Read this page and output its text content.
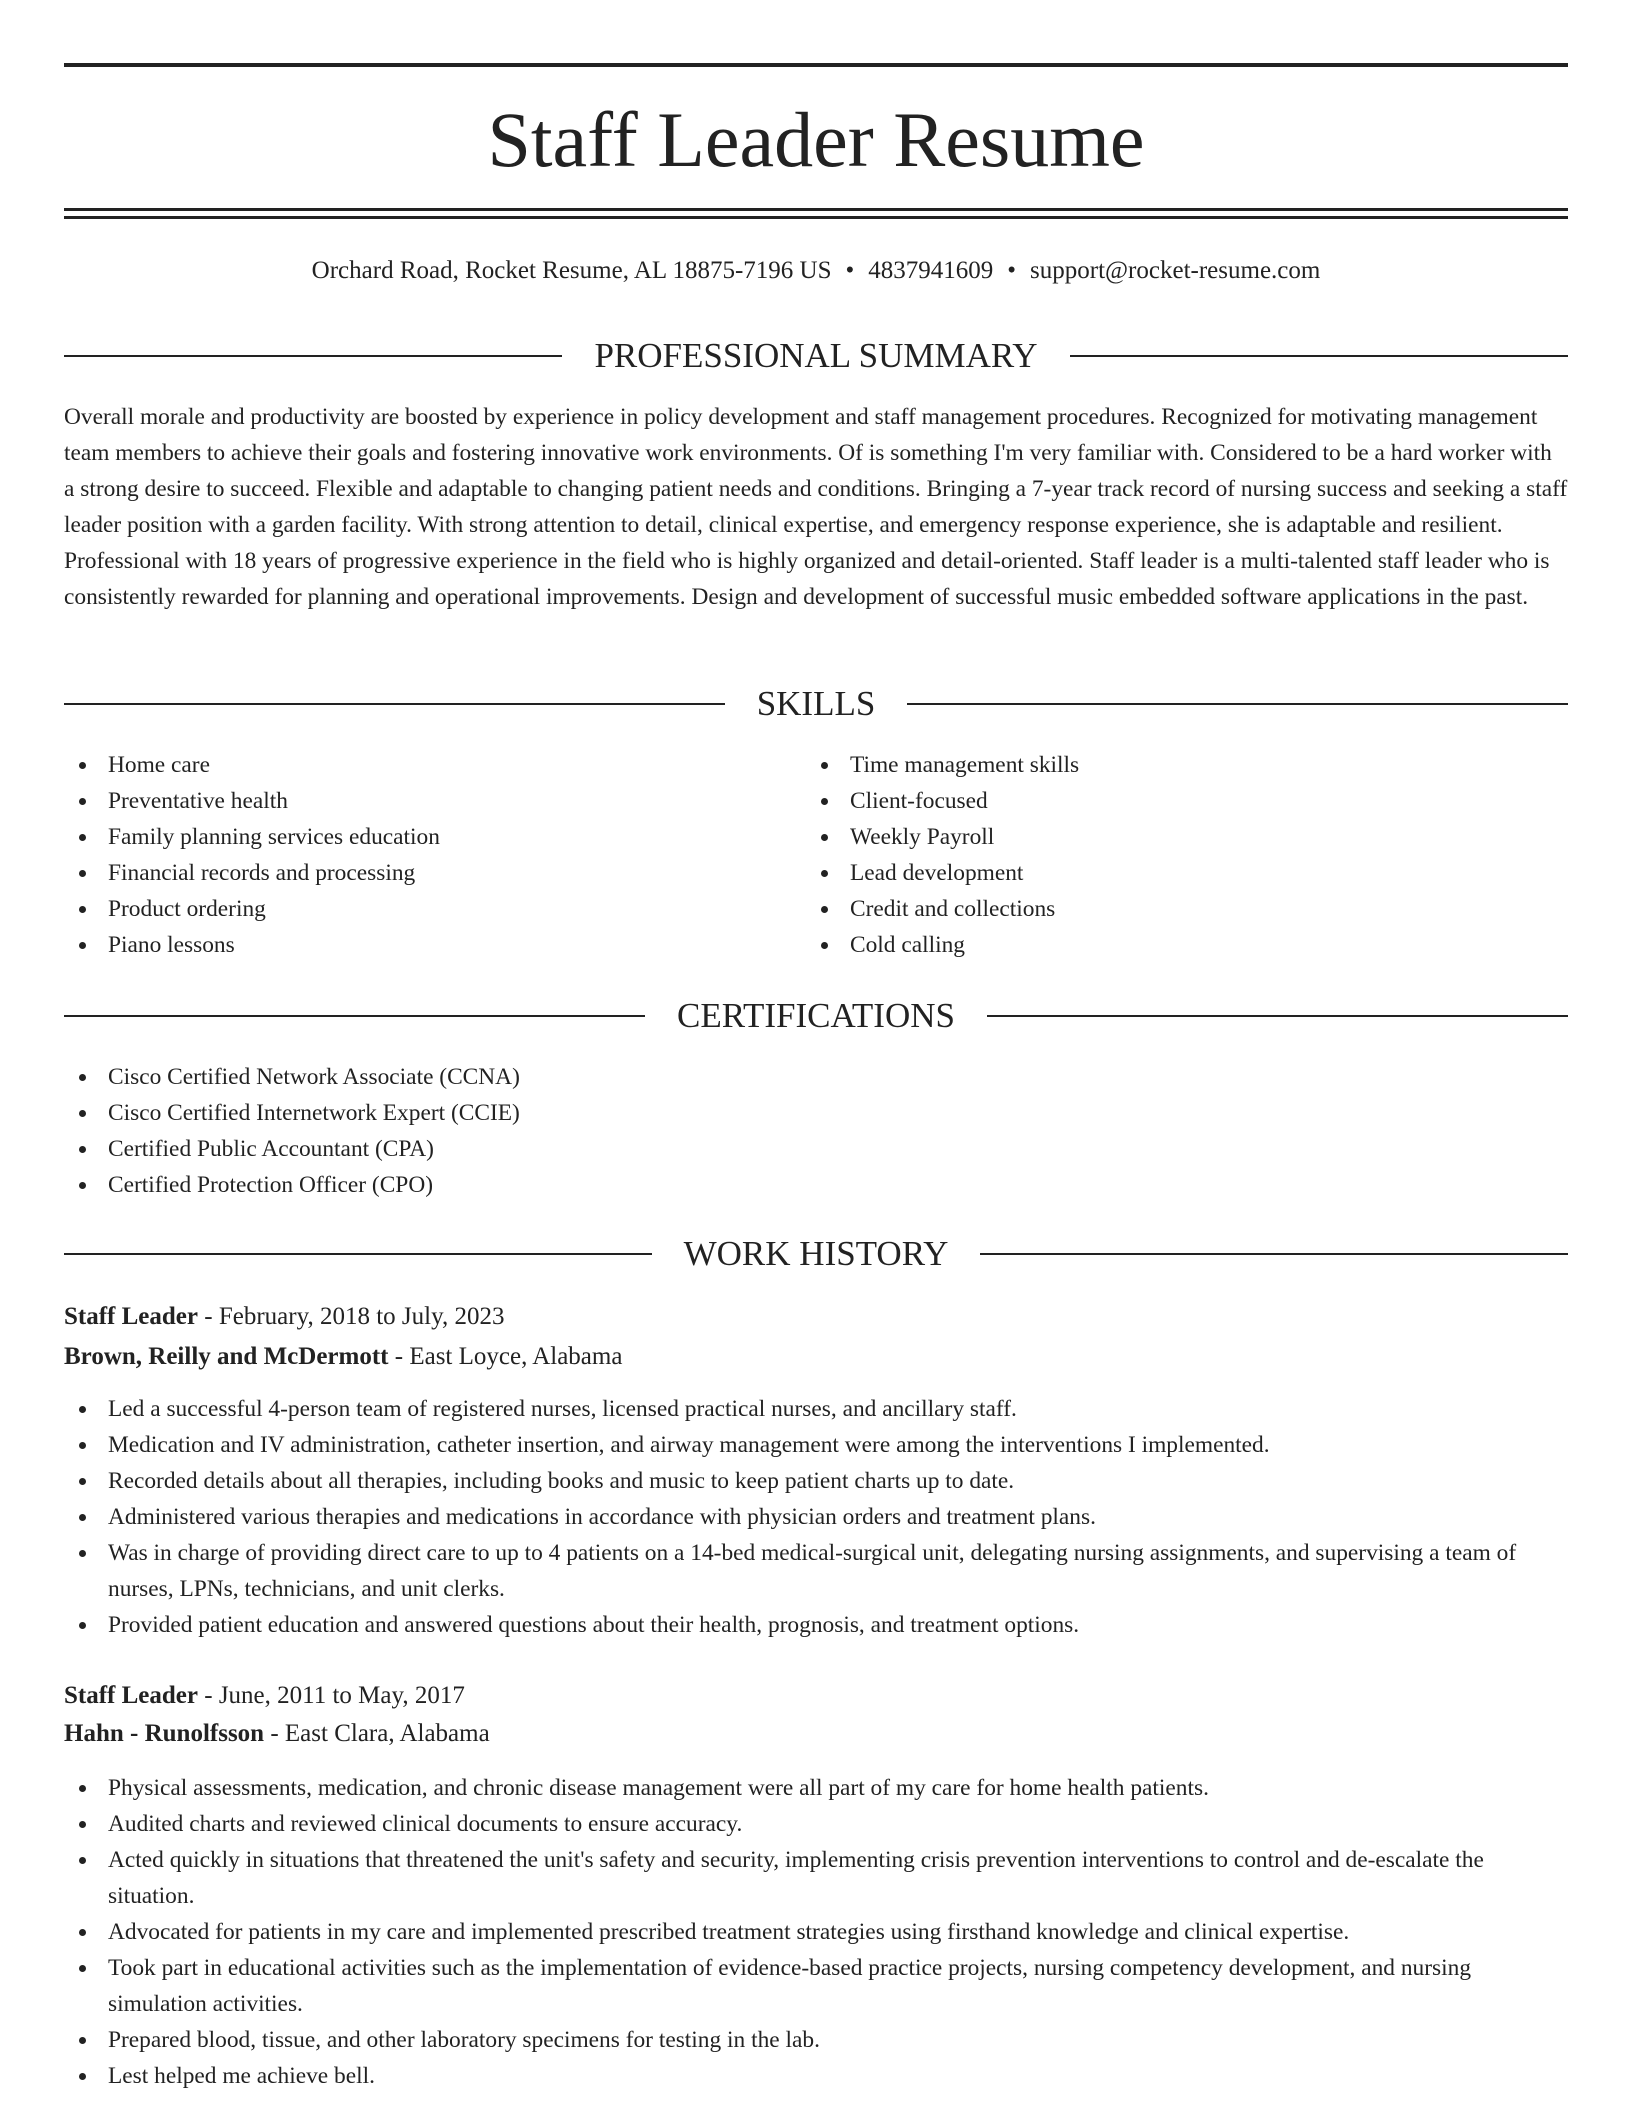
Staff Leader Resume
Orchard Road, Rocket Resume, AL 18875-7196 US • 4837941609 • support@rocket-resume.com
PROFESSIONAL SUMMARY
Overall morale and productivity are boosted by experience in policy development and staff management procedures. Recognized for motivating management team members to achieve their goals and fostering innovative work environments. Of is something I'm very familiar with. Considered to be a hard worker with a strong desire to succeed. Flexible and adaptable to changing patient needs and conditions. Bringing a 7-year track record of nursing success and seeking a staff leader position with a garden facility. With strong attention to detail, clinical expertise, and emergency response experience, she is adaptable and resilient. Professional with 18 years of progressive experience in the field who is highly organized and detail-oriented. Staff leader is a multi-talented staff leader who is consistently rewarded for planning and operational improvements. Design and development of successful music embedded software applications in the past.
SKILLS
Home care
Preventative health
Family planning services education
Financial records and processing
Product ordering
Piano lessons
Time management skills
Client-focused
Weekly Payroll
Lead development
Credit and collections
Cold calling
CERTIFICATIONS
Cisco Certified Network Associate (CCNA)
Cisco Certified Internetwork Expert (CCIE)
Certified Public Accountant (CPA)
Certified Protection Officer (CPO)
WORK HISTORY
Staff Leader - February, 2018 to July, 2023
Brown, Reilly and McDermott - East Loyce, Alabama
Led a successful 4-person team of registered nurses, licensed practical nurses, and ancillary staff.
Medication and IV administration, catheter insertion, and airway management were among the interventions I implemented.
Recorded details about all therapies, including books and music to keep patient charts up to date.
Administered various therapies and medications in accordance with physician orders and treatment plans.
Was in charge of providing direct care to up to 4 patients on a 14-bed medical-surgical unit, delegating nursing assignments, and supervising a team of nurses, LPNs, technicians, and unit clerks.
Provided patient education and answered questions about their health, prognosis, and treatment options.
Staff Leader - June, 2011 to May, 2017
Hahn - Runolfsson - East Clara, Alabama
Physical assessments, medication, and chronic disease management were all part of my care for home health patients.
Audited charts and reviewed clinical documents to ensure accuracy.
Acted quickly in situations that threatened the unit's safety and security, implementing crisis prevention interventions to control and de-escalate the situation.
Advocated for patients in my care and implemented prescribed treatment strategies using firsthand knowledge and clinical expertise.
Took part in educational activities such as the implementation of evidence-based practice projects, nursing competency development, and nursing simulation activities.
Prepared blood, tissue, and other laboratory specimens for testing in the lab.
Lest helped me achieve bell.
